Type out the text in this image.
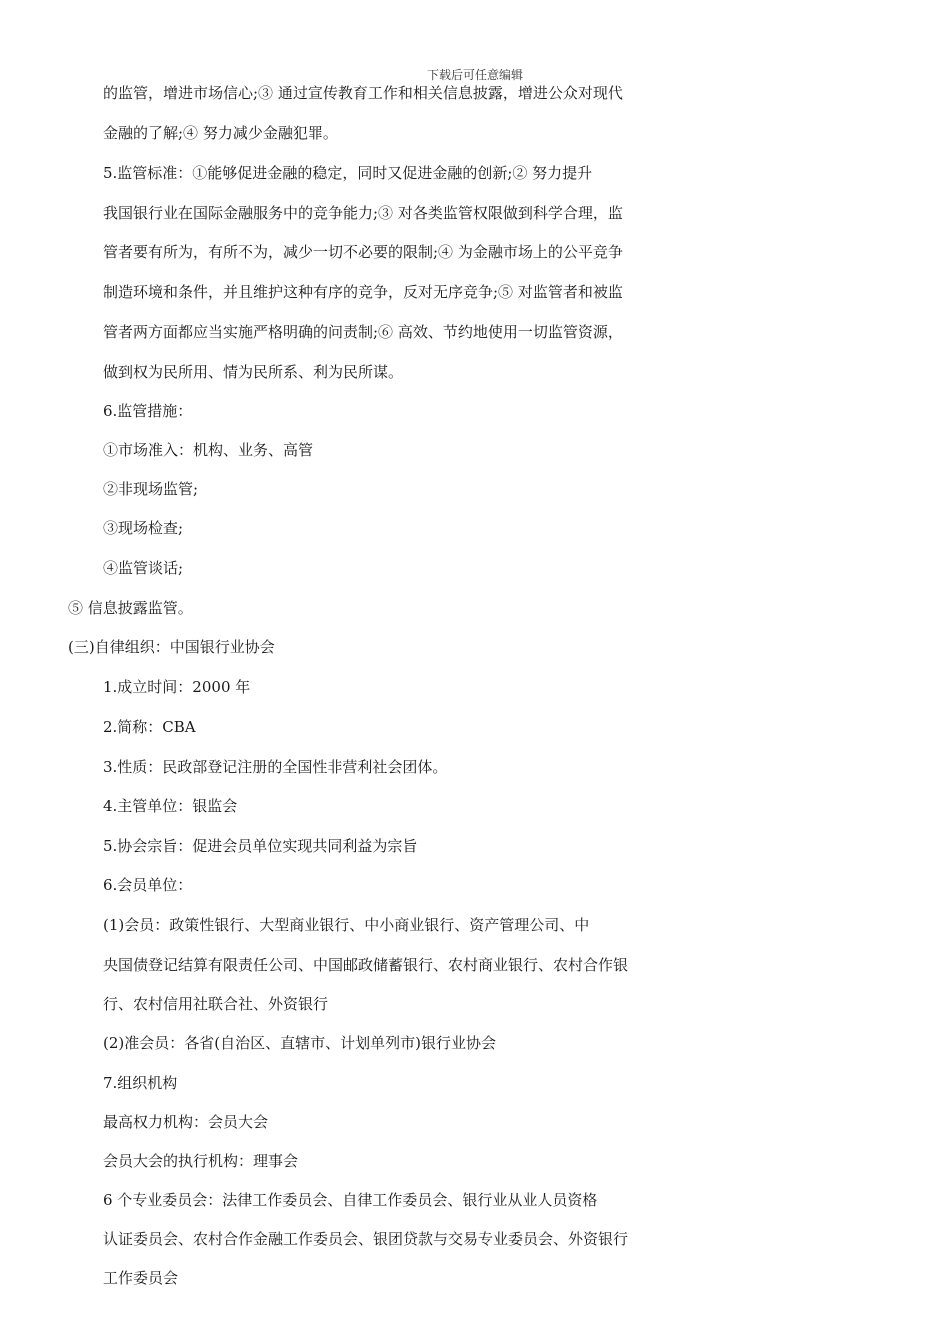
下载后可任意编辑
的监管，增进市场信心;③ 通过宣传教育工作和相关信息披露，增进公众对现代
金融的了解;④ 努力减少金融犯罪。
5.监管标准：①能够促进金融的稳定，同时又促进金融的创新;② 努力提升
我国银行业在国际金融服务中的竞争能力;③ 对各类监管权限做到科学合理，监
管者要有所为，有所不为，减少一切不必要的限制;④ 为金融市场上的公平竞争
制造环境和条件，并且维护这种有序的竞争，反对无序竞争;⑤ 对监管者和被监
管者两方面都应当实施严格明确的问责制;⑥ 高效、节约地使用一切监管资源，
做到权为民所用、情为民所系、利为民所谋。
6.监管措施：
①市场准入：机构、业务、高管
②非现场监管;
③现场检查;
④监管谈话;
⑤ 信息披露监管。
(三)自律组织：中国银行业协会
1.成立时间：2000 年
2.简称：CBA
3.性质：民政部登记注册的全国性非营利社会团体。
4.主管单位：银监会
5.协会宗旨：促进会员单位实现共同利益为宗旨
6.会员单位：
(1)会员：政策性银行、大型商业银行、中小商业银行、资产管理公司、中
央国债登记结算有限责任公司、中国邮政储蓄银行、农村商业银行、农村合作银
行、农村信用社联合社、外资银行
(2)准会员：各省(自治区、直辖市、计划单列市)银行业协会
7.组织机构
最高权力机构：会员大会
会员大会的执行机构：理事会
6 个专业委员会：法律工作委员会、自律工作委员会、银行业从业人员资格
认证委员会、农村合作金融工作委员会、银团贷款与交易专业委员会、外资银行
工作委员会
